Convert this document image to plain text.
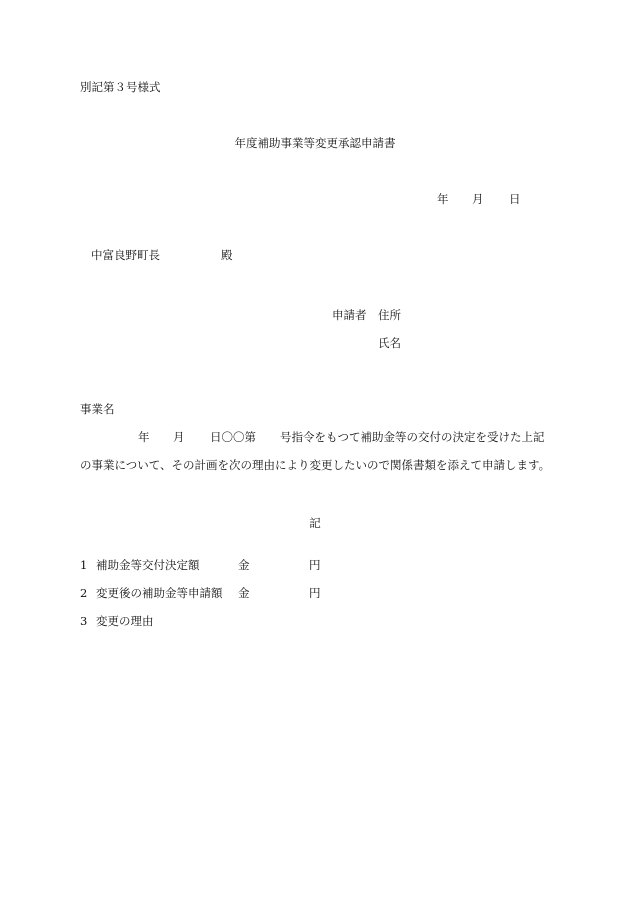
別記第３号様式
年度補助事業等変更承認申請書
年 月 日
中富良野町長	殿
申請者 住所
氏名
事業名
年 月 日〇〇第 号指令をもつて補助金等の交付の決定を受けた上記
の事業について、その計画を次の理由により変更したいので関係書類を添えて申請します。
記
1 補助金等交付決定額	金	円
2 変更後の補助金等申請額 金	円
3 変更の理由
